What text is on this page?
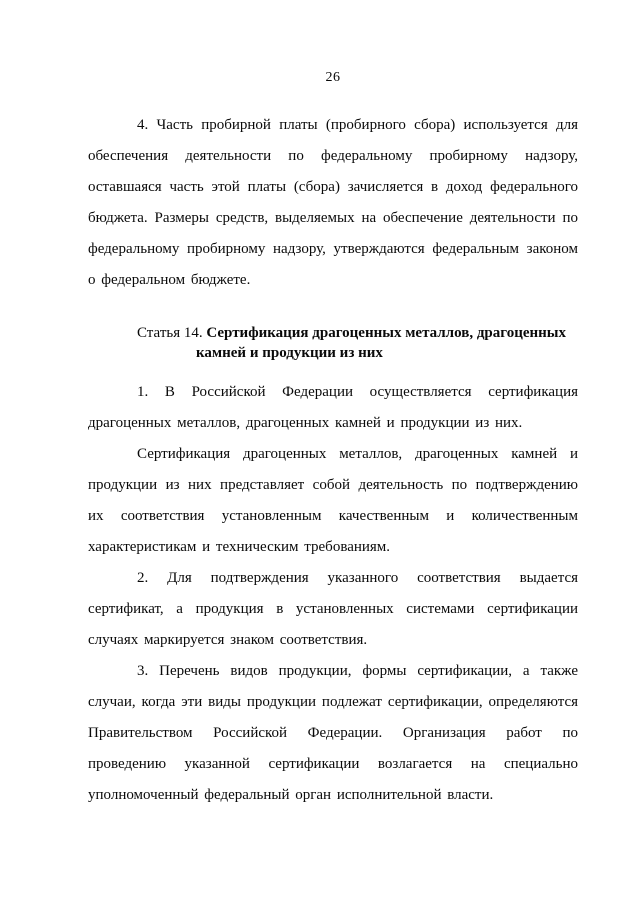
26

4. Часть пробирной платы (пробирного сбора) используется для обеспечения деятельности по федеральному пробирному надзору, оставшаяся часть этой платы (сбора) зачисляется в доход федерального бюджета. Размеры средств, выделяемых на обеспечение деятельности по федеральному пробирному надзору, утверждаются федеральным законом о федеральном бюджете.

Статья 14. Сертификация драгоценных металлов, драгоценных камней и продукции из них

1. В Российской Федерации осуществляется сертификация драгоценных металлов, драгоценных камней и продукции из них.

Сертификация драгоценных металлов, драгоценных камней и продукции из них представляет собой деятельность по подтверждению их соответствия установленным качественным и количественным характеристикам и техническим требованиям.

2. Для подтверждения указанного соответствия выдается сертификат, а продукция в установленных системами сертификации случаях маркируется знаком соответствия.

3. Перечень видов продукции, формы сертификации, а также случаи, когда эти виды продукции подлежат сертификации, определяются Правительством Российской Федерации. Организация работ по проведению указанной сертификации возлагается на специально уполномоченный федеральный орган исполнительной власти.
